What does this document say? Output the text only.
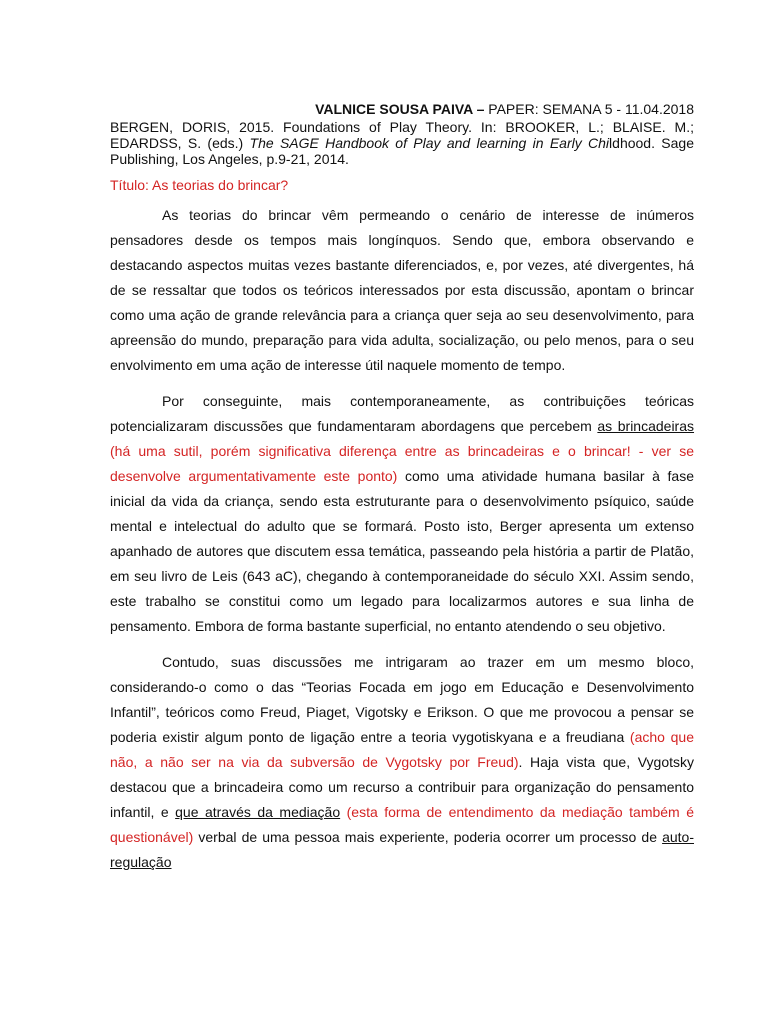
VALNICE SOUSA PAIVA – PAPER: SEMANA 5 - 11.04.2018
BERGEN, DORIS, 2015. Foundations of Play Theory. In: BROOKER, L.; BLAISE. M.; EDARDSS, S. (eds.) The SAGE Handbook of Play and learning in Early Childhood. Sage Publishing, Los Angeles, p.9-21, 2014.
Título: As teorias do brincar?

As teorias do brincar vêm permeando o cenário de interesse de inúmeros pensadores desde os tempos mais longínquos. Sendo que, embora observando e destacando aspectos muitas vezes bastante diferenciados, e, por vezes, até divergentes, há de se ressaltar que todos os teóricos interessados por esta discussão, apontam o brincar como uma ação de grande relevância para a criança quer seja ao seu desenvolvimento, para apreensão do mundo, preparação para vida adulta, socialização, ou pelo menos, para o seu envolvimento em uma ação de interesse útil naquele momento de tempo.

Por conseguinte, mais contemporaneamente, as contribuições teóricas potencializaram discussões que fundamentaram abordagens que percebem as brincadeiras (há uma sutil, porém significativa diferença entre as brincadeiras e o brincar! - ver se desenvolve argumentativamente este ponto) como uma atividade humana basilar à fase inicial da vida da criança, sendo esta estruturante para o desenvolvimento psíquico, saúde mental e intelectual do adulto que se formará. Posto isto, Berger apresenta um extenso apanhado de autores que discutem essa temática, passeando pela história a partir de Platão, em seu livro de Leis (643 aC), chegando à contemporaneidade do século XXI. Assim sendo, este trabalho se constitui como um legado para localizarmos autores e sua linha de pensamento. Embora de forma bastante superficial, no entanto atendendo o seu objetivo.

Contudo, suas discussões me intrigaram ao trazer em um mesmo bloco, considerando-o como o das “Teorias Focada em jogo em Educação e Desenvolvimento Infantil”, teóricos como Freud, Piaget, Vigotsky e Erikson. O que me provocou a pensar se poderia existir algum ponto de ligação entre a teoria vygotiskyana e a freudiana (acho que não, a não ser na via da subversão de Vygotsky por Freud). Haja vista que, Vygotsky destacou que a brincadeira como um recurso a contribuir para organização do pensamento infantil, e que através da mediação (esta forma de entendimento da mediação também é questionável) verbal de uma pessoa mais experiente, poderia ocorrer um processo de auto-regulação
